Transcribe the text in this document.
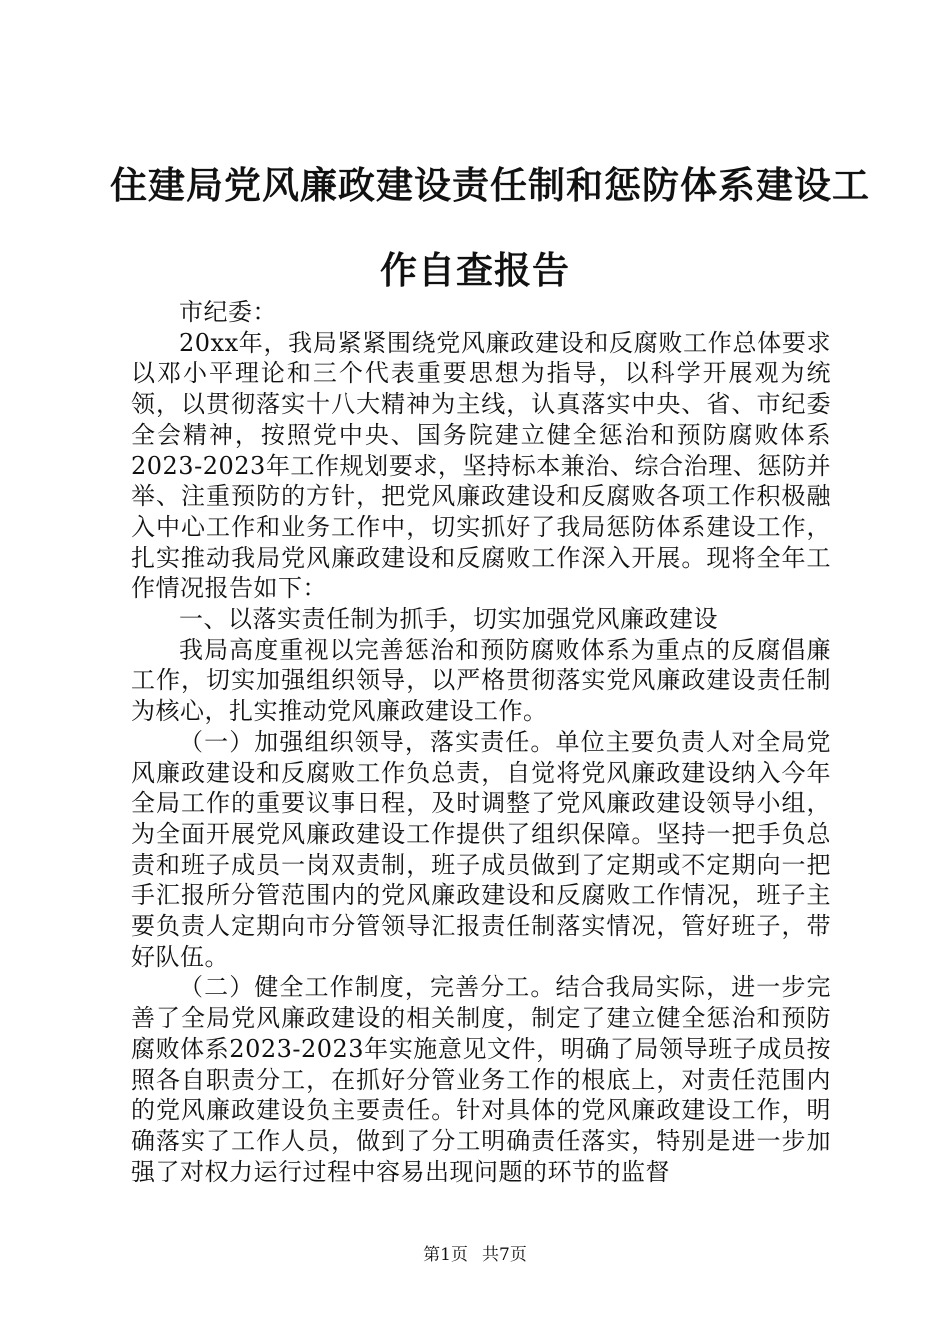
住建局党风廉政建设责任制和惩防体系建设工
作自查报告

市纪委：

20xx年，我局紧紧围绕党风廉政建设和反腐败工作总体要求以邓小平理论和三个代表重要思想为指导，以科学开展观为统领，以贯彻落实十八大精神为主线，认真落实中央、省、市纪委全会精神，按照党中央、国务院建立健全惩治和预防腐败体系2023-2023年工作规划要求，坚持标本兼治、综合治理、惩防并举、注重预防的方针，把党风廉政建设和反腐败各项工作积极融入中心工作和业务工作中，切实抓好了我局惩防体系建设工作，扎实推动我局党风廉政建设和反腐败工作深入开展。现将全年工作情况报告如下：

一、以落实责任制为抓手，切实加强党风廉政建设

我局高度重视以完善惩治和预防腐败体系为重点的反腐倡廉工作，切实加强组织领导，以严格贯彻落实党风廉政建设责任制为核心，扎实推动党风廉政建设工作。

（一）加强组织领导，落实责任。单位主要负责人对全局党风廉政建设和反腐败工作负总责，自觉将党风廉政建设纳入今年全局工作的重要议事日程，及时调整了党风廉政建设领导小组，为全面开展党风廉政建设工作提供了组织保障。坚持一把手负总责和班子成员一岗双责制，班子成员做到了定期或不定期向一把手汇报所分管范围内的党风廉政建设和反腐败工作情况，班子主要负责人定期向市分管领导汇报责任制落实情况，管好班子，带好队伍。

（二）健全工作制度，完善分工。结合我局实际，进一步完善了全局党风廉政建设的相关制度，制定了建立健全惩治和预防腐败体系2023-2023年实施意见文件，明确了局领导班子成员按照各自职责分工，在抓好分管业务工作的根底上，对责任范围内的党风廉政建设负主要责任。针对具体的党风廉政建设工作，明确落实了工作人员，做到了分工明确责任落实，特别是进一步加强了对权力运行过程中容易出现问题的环节的监督

第1页 共7页
